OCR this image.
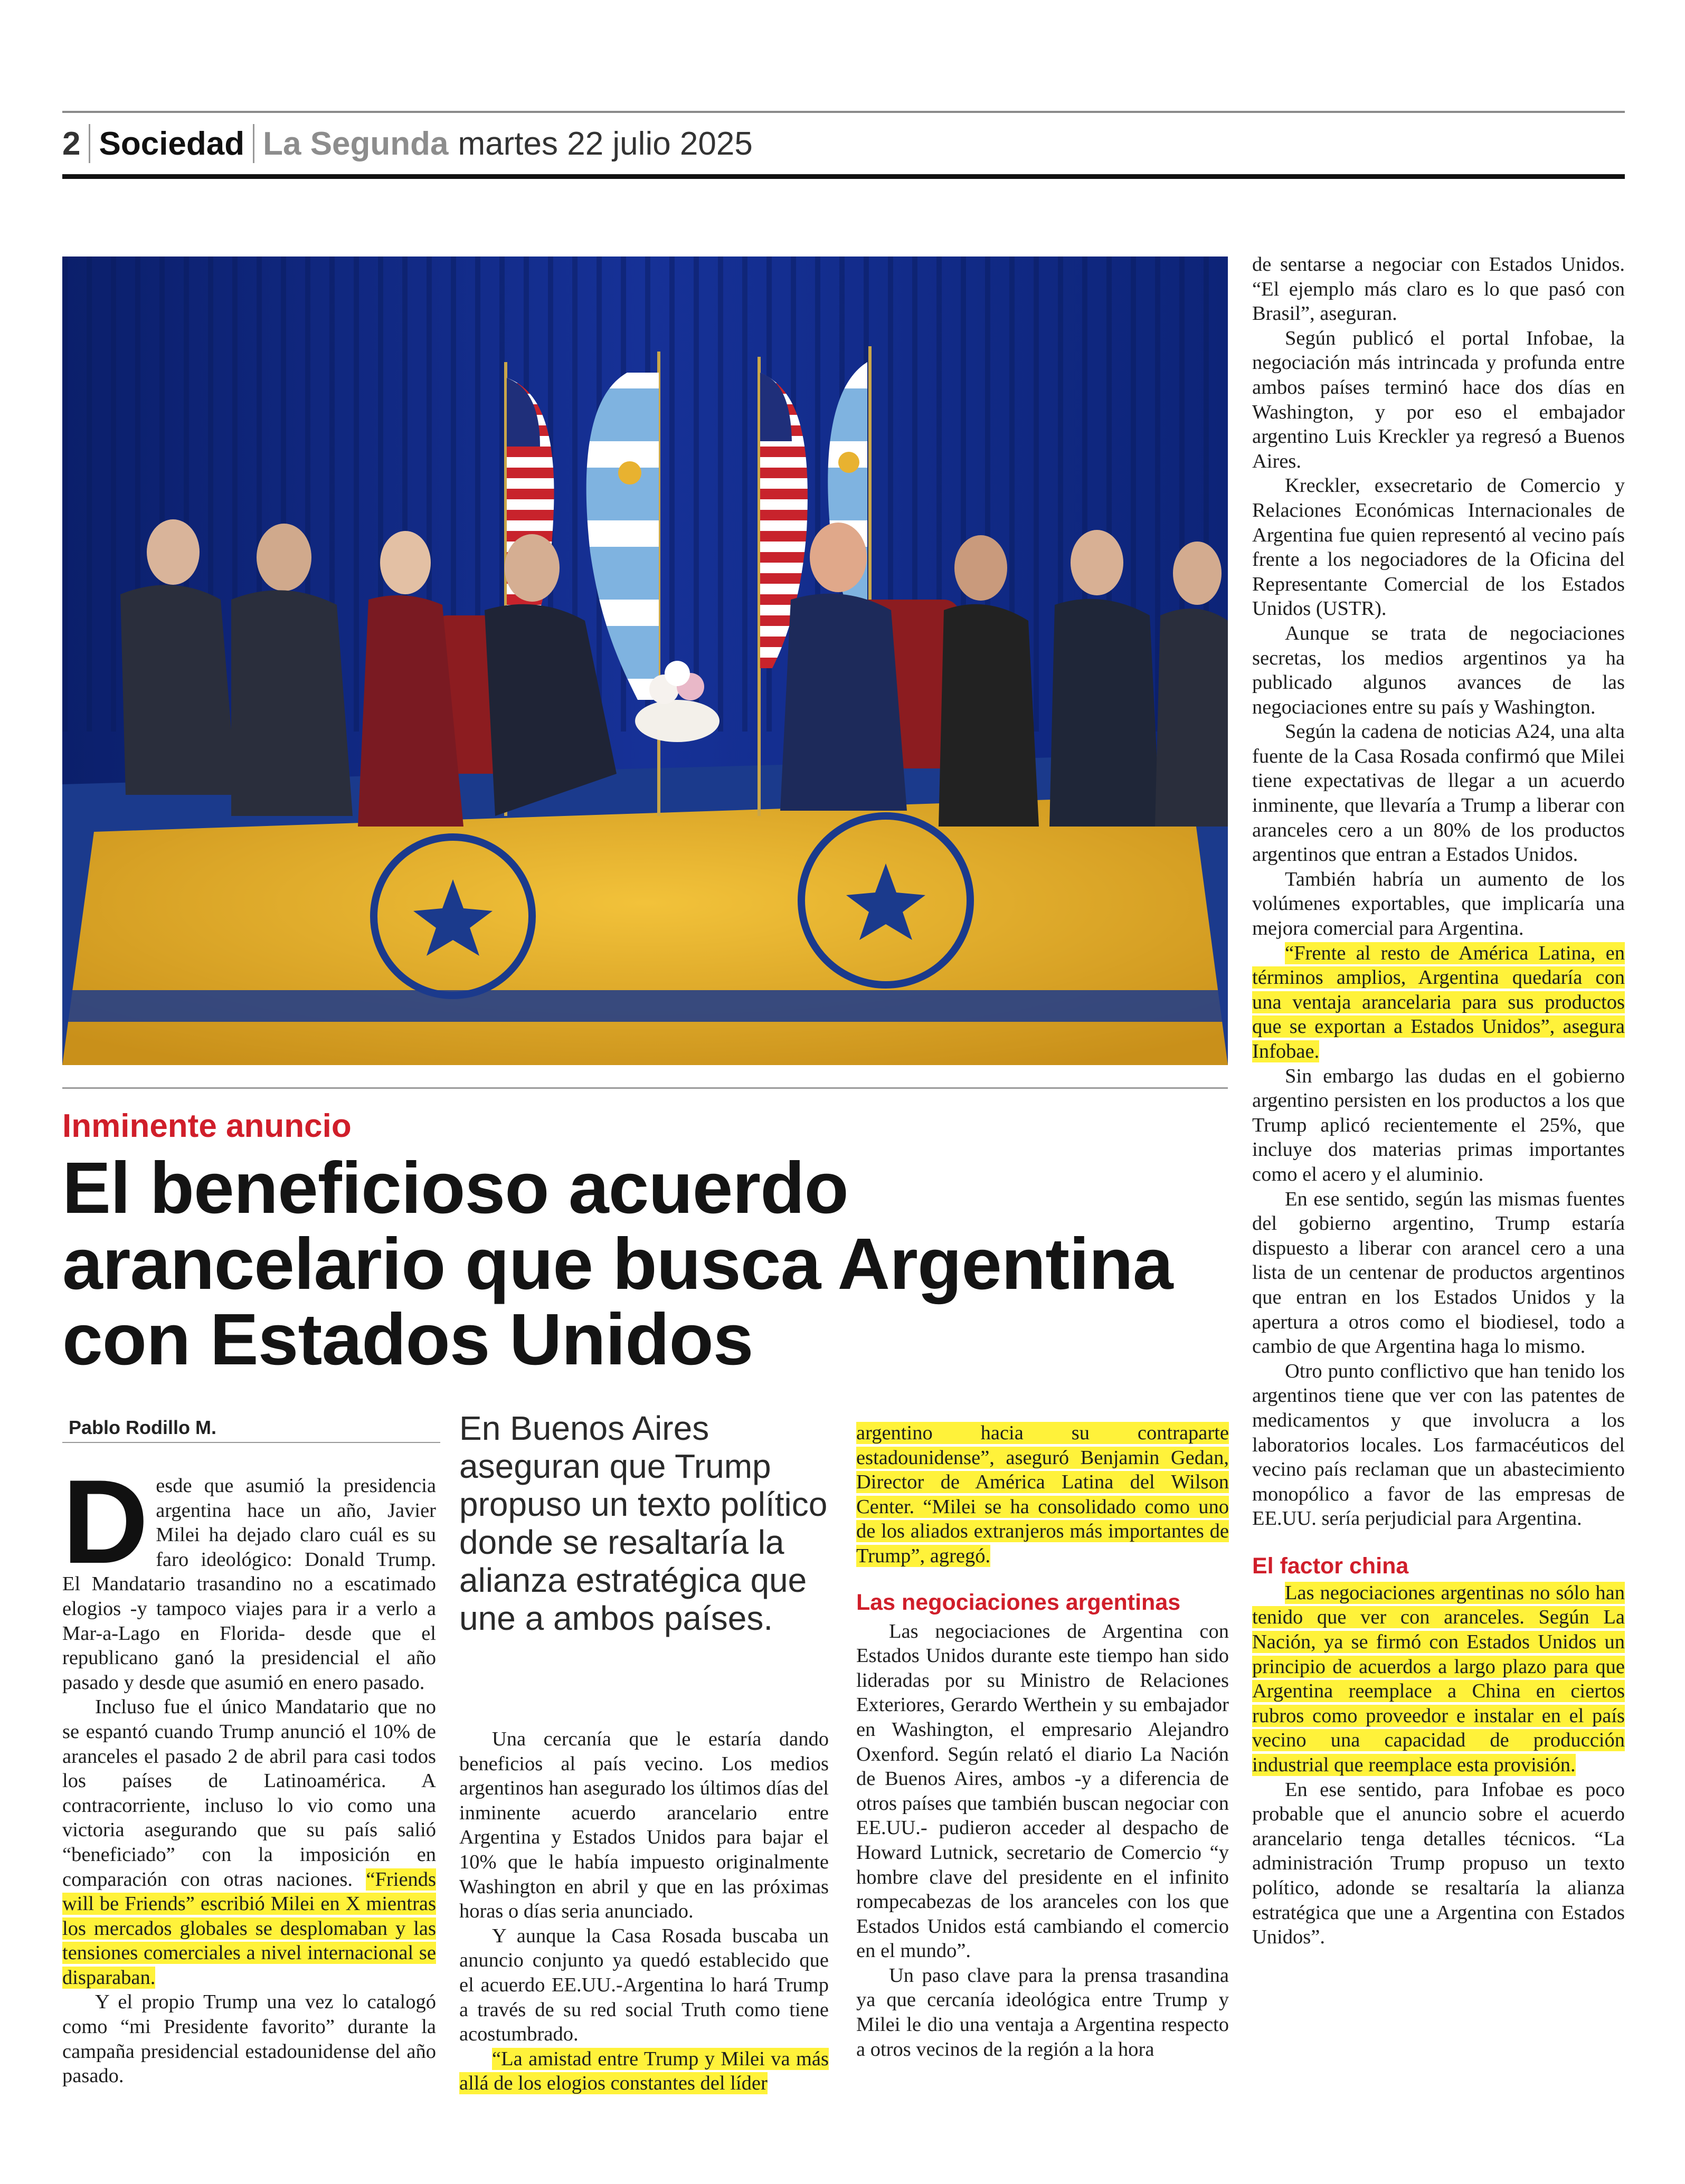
2 Sociedad La Segunda martes 22 julio 2025
Inminente anuncio
El beneficioso acuerdo arancelario que busca Argentina con Estados Unidos
Pablo Rodillo M.	En Buenos Aires aseguran que Trump propuso un texto político donde se resaltaría la alianza estratégica que une a ambos países.
D esde que asumió la presidencia argentina hace un año, Javier Milei ha dejado claro cuál es su faro ideológico: Donald Trump. El Mandatario trasandino no a escatimado elogios -y tampoco viajes para ir a verlo a Mar-a-Lago en Florida- desde que el republicano ganó la presidencial el año pasado y desde que asumió en enero pasado.

Incluso fue el único Mandatario que no se espantó cuando Trump anunció el 10% de aranceles el pasado 2 de abril para casi todos los países de Latinoamérica. A contracorriente, incluso lo vio como una victoria asegurando que su país salió “beneficiado” con la imposición en comparación con otras naciones. “Friends will be Friends” escribió Milei en X mientras los mercados globales se desplomaban y las tensiones comerciales a nivel internacional se disparaban.

Y el propio Trump una vez lo catalogó como “mi Presidente favorito” durante la campaña presidencial estadounidense del año pasado.

Una cercanía que le estaría dando beneficios al país vecino. Los medios argentinos han asegurado los últimos días del inminente acuerdo arancelario entre Argentina y Estados Unidos para bajar el 10% que le había impuesto originalmente Washington en abril y que en las próximas horas o días seria anunciado.

Y aunque la Casa Rosada buscaba un anuncio conjunto ya quedó establecido que el acuerdo EE.UU.-Argentina lo hará Trump a través de su red social Truth como tiene acostumbrado.

“La amistad entre Trump y Milei va más allá de los elogios constantes del líder

argentino hacia su contraparte estadounidense”, aseguró Benjamin Gedan, Director de América Latina del Wilson Center. “Milei se ha consolidado como uno de los aliados extranjeros más importantes de Trump”, agregó.

Las negociaciones argentinas

Las negociaciones de Argentina con Estados Unidos durante este tiempo han sido lideradas por su Ministro de Relaciones Exteriores, Gerardo Werthein y su embajador en Washington, el empresario Alejandro Oxenford. Según relató el diario La Nación de Buenos Aires, ambos -y a diferencia de otros países que también buscan negociar con EE.UU.- pudieron acceder al despacho de Howard Lutnick, secretario de Comercio “y hombre clave del presidente en el infinito rompecabezas de los aranceles con los que Estados Unidos está cambiando el comercio en el mundo”.

Un paso clave para la prensa trasandina ya que cercanía ideológica entre Trump y Milei le dio una ventaja a Argentina respecto a otros vecinos de la región a la hora

de sentarse a negociar con Estados Unidos. “El ejemplo más claro es lo que pasó con Brasil”, aseguran.

Según publicó el portal Infobae, la negociación más intrincada y profunda entre ambos países terminó hace dos días en Washington, y por eso el embajador argentino Luis Kreckler ya regresó a Buenos Aires.

Kreckler, exsecretario de Comercio y Relaciones Económicas Internacionales de Argentina fue quien representó al vecino país frente a los negociadores de la Oficina del Representante Comercial de los Estados Unidos (USTR).

Aunque se trata de negociaciones secretas, los medios argentinos ya ha publicado algunos avances de las negociaciones entre su país y Washington.

Según la cadena de noticias A24, una alta fuente de la Casa Rosada confirmó que Milei tiene expectativas de llegar a un acuerdo inminente, que llevaría a Trump a liberar con aranceles cero a un 80% de los productos argentinos que entran a Estados Unidos.

También habría un aumento de los volúmenes exportables, que implicaría una mejora comercial para Argentina.

“Frente al resto de América Latina, en términos amplios, Argentina quedaría con una ventaja arancelaria para sus productos que se exportan a Estados Unidos”, asegura Infobae.

Sin embargo las dudas en el gobierno argentino persisten en los productos a los que Trump aplicó recientemente el 25%, que incluye dos materias primas importantes como el acero y el aluminio.

En ese sentido, según las mismas fuentes del gobierno argentino, Trump estaría dispuesto a liberar con arancel cero a una lista de un centenar de productos argentinos que entran en los Estados Unidos y la apertura a otros como el biodiesel, todo a cambio de que Argentina haga lo mismo.

Otro punto conflictivo que han tenido los argentinos tiene que ver con las patentes de medicamentos y que involucra a los laboratorios locales. Los farmacéuticos del vecino país reclaman que un abastecimiento monopólico a favor de las empresas de EE.UU. sería perjudicial para Argentina.

El factor china

Las negociaciones argentinas no sólo han tenido que ver con aranceles. Según La Nación, ya se firmó con Estados Unidos un principio de acuerdos a largo plazo para que Argentina reemplace a China en ciertos rubros como proveedor e instalar en el país vecino una capacidad de producción industrial que reemplace esta provisión.

En ese sentido, para Infobae es poco probable que el anuncio sobre el acuerdo arancelario tenga detalles técnicos. “La administración Trump propuso un texto político, adonde se resaltaría la alianza estratégica que une a Argentina con Estados Unidos”.
